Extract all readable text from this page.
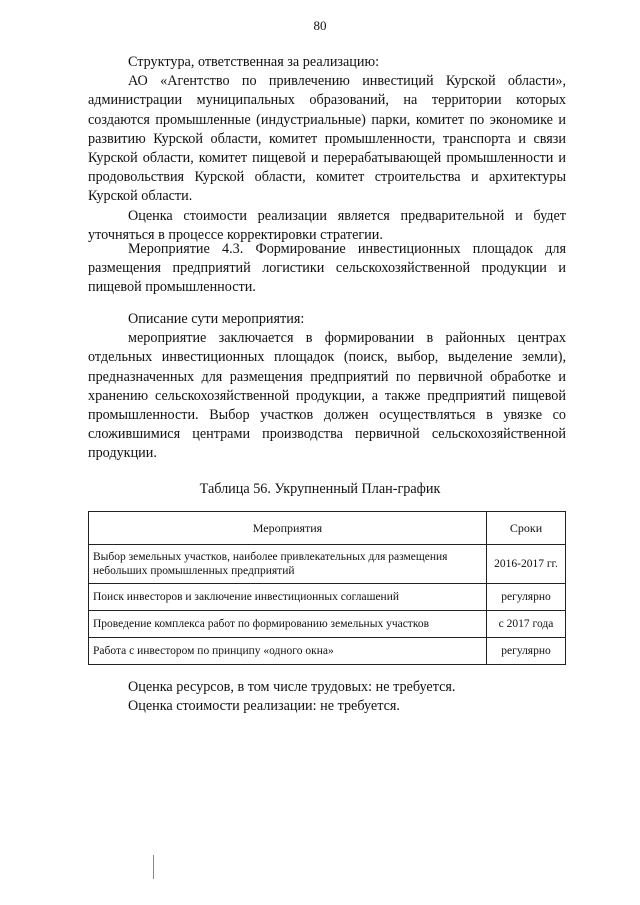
80

Структура, ответственная за реализацию:

АО «Агентство по привлечению инвестиций Курской области», администрации муниципальных образований, на территории которых создаются промышленные (индустриальные) парки, комитет по экономике и развитию Курской области, комитет промышленности, транспорта и связи Курской области, комитет пищевой и перерабатывающей промышленности и продовольствия Курской области, комитет строительства и архитектуры Курской области.

Оценка стоимости реализации является предварительной и будет уточняться в процессе корректировки стратегии.

Мероприятие 4.3. Формирование инвестиционных площадок для размещения предприятий логистики сельскохозяйственной продукции и пищевой промышленности.

Описание сути мероприятия:

мероприятие заключается в формировании в районных центрах отдельных инвестиционных площадок (поиск, выбор, выделение земли), предназначенных для размещения предприятий по первичной обработке и хранению сельскохозяйственной продукции, а также предприятий пищевой промышленности. Выбор участков должен осуществляться в увязке со сложившимися центрами производства первичной сельскохозяйственной продукции.

Таблица 56. Укрупненный План-график
Мероприятия	Сроки
Выбор земельных участков, наиболее привлекательных для размещения небольших промышленных предприятий	2016-2017 гг.
Поиск инвесторов и заключение инвестиционных соглашений	регулярно
Проведение комплекса работ по формированию земельных участков	с 2017 года
Работа с инвестором по принципу «одного окна»	регулярно

Оценка ресурсов, в том числе трудовых: не требуется.

Оценка стоимости реализации: не требуется.
